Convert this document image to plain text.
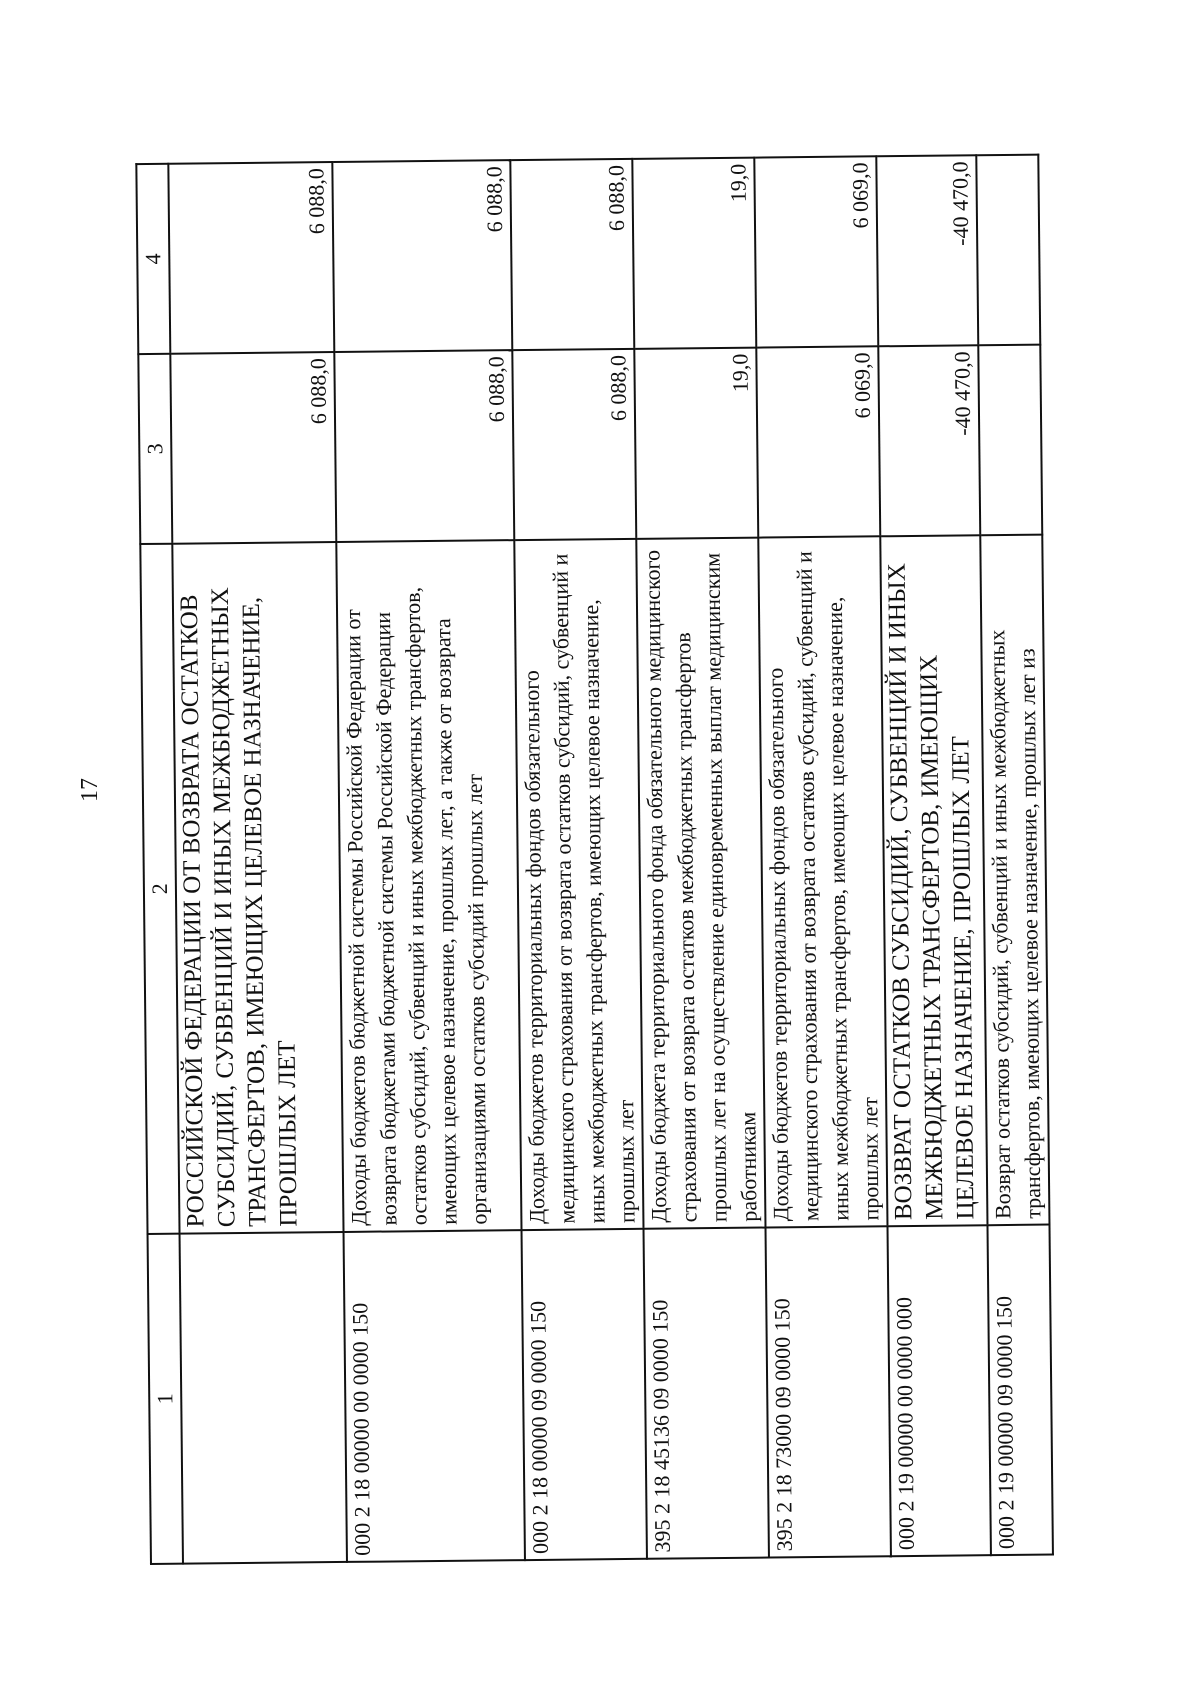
17
1	2	3	4
	РОССИЙСКОЙ ФЕДЕРАЦИИ ОТ ВОЗВРАТА ОСТАТКОВ СУБСИДИЙ, СУБВЕНЦИЙ И ИНЫХ МЕЖБЮДЖЕТНЫХ ТРАНСФЕРТОВ, ИМЕЮЩИХ ЦЕЛЕВОЕ НАЗНАЧЕНИЕ, ПРОШЛЫХ ЛЕТ	6 088,0	6 088,0
000 2 18 00000 00 0000 150	Доходы бюджетов бюджетной системы Российской Федерации от возврата бюджетами бюджетной системы Российской Федерации остатков субсидий, субвенций и иных межбюджетных трансфертов, имеющих целевое назначение, прошлых лет, а также от возврата организациями остатков субсидий прошлых лет	6 088,0	6 088,0
000 2 18 00000 09 0000 150	Доходы бюджетов территориальных фондов обязательного медицинского страхования от возврата остатков субсидий, субвенций и иных межбюджетных трансфертов, имеющих целевое назначение, прошлых лет	6 088,0	6 088,0
395 2 18 45136 09 0000 150	Доходы бюджета территориального фонда обязательного медицинского страхования от возврата остатков межбюджетных трансфертов прошлых лет на осуществление единовременных выплат медицинским работникам	19,0	19,0
395 2 18 73000 09 0000 150	Доходы бюджетов территориальных фондов обязательного медицинского страхования от возврата остатков субсидий, субвенций и иных межбюджетных трансфертов, имеющих целевое назначение, прошлых лет	6 069,0	6 069,0
000 2 19 00000 00 0000 000	ВОЗВРАТ ОСТАТКОВ СУБСИДИЙ, СУБВЕНЦИЙ И ИНЫХ МЕЖБЮДЖЕТНЫХ ТРАНСФЕРТОВ, ИМЕЮЩИХ ЦЕЛЕВОЕ НАЗНАЧЕНИЕ, ПРОШЛЫХ ЛЕТ	-40 470,0	-40 470,0
000 2 19 00000 09 0000 150	Возврат остатков субсидий, субвенций и иных межбюджетных трансфертов, имеющих целевое назначение, прошлых лет из		
